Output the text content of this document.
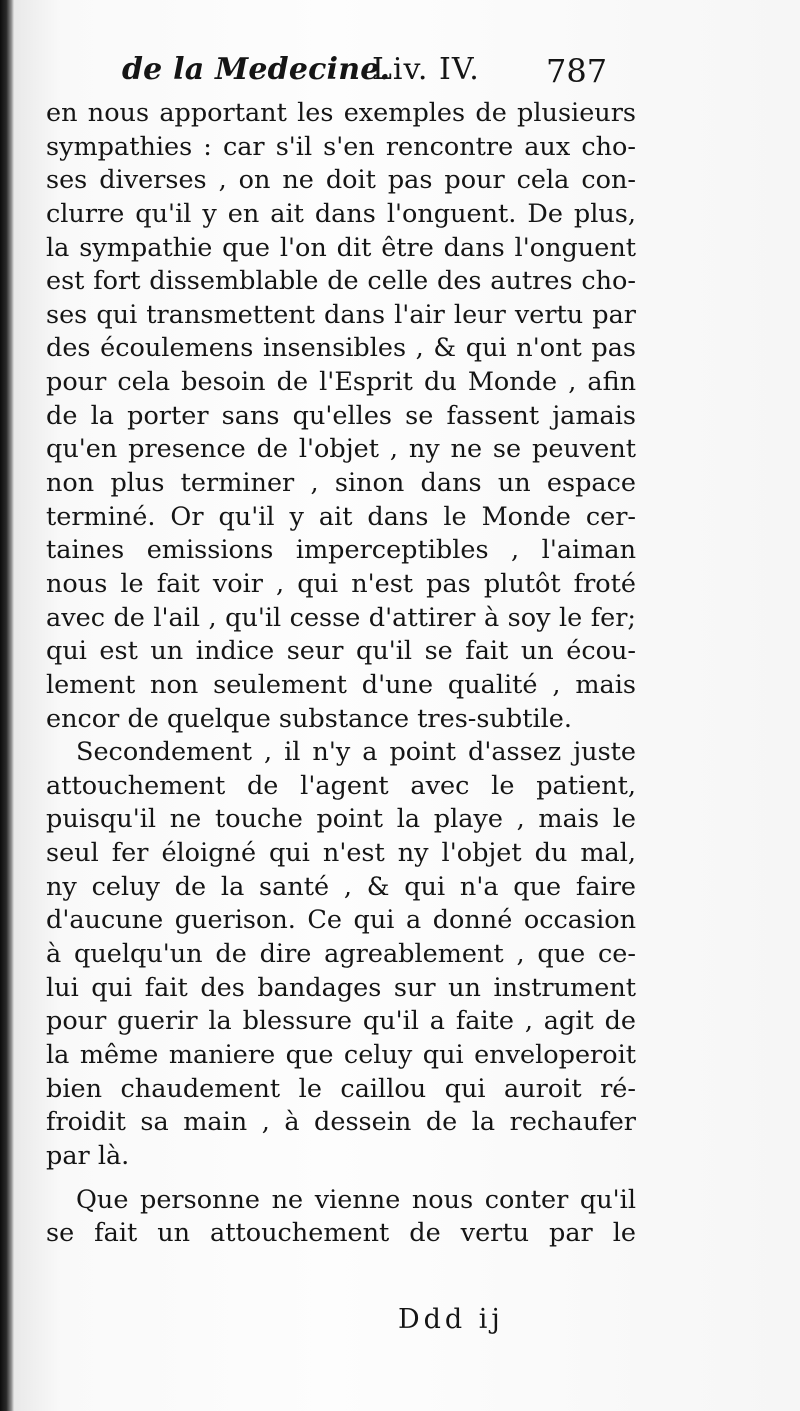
de la Medecine.
Liv. IV. 787
en nous apportant les exemples de plusieurs
sympathies : car s'il s'en rencontre aux cho-
ses diverses , on ne doit pas pour cela con-
clurre qu'il y en ait dans l'onguent. De plus,
la sympathie que l'on dit être dans l'onguent
est fort dissemblable de celle des autres cho-
ses qui transmettent dans l'air leur vertu par
des écoulemens insensibles , & qui n'ont pas
pour cela besoin de l'Esprit du Monde , afin
de la porter sans qu'elles se fassent jamais
qu'en presence de l'objet , ny ne se peuvent
non plus terminer , sinon dans un espace
terminé. Or qu'il y ait dans le Monde cer-
taines emissions imperceptibles , l'aiman
nous le fait voir , qui n'est pas plutôt froté
avec de l'ail , qu'il cesse d'attirer à soy le fer;
qui est un indice seur qu'il se fait un écou-
lement non seulement d'une qualité , mais
encor de quelque substance tres-subtile.
Secondement , il n'y a point d'assez juste
attouchement de l'agent avec le patient,
puisqu'il ne touche point la playe , mais le
seul fer éloigné qui n'est ny l'objet du mal,
ny celuy de la santé , & qui n'a que faire
d'aucune guerison. Ce qui a donné occasion
à quelqu'un de dire agreablement , que ce-
lui qui fait des bandages sur un instrument
pour guerir la blessure qu'il a faite , agit de
la même maniere que celuy qui enveloperoit
bien chaudement le caillou qui auroit ré-
froidit sa main , à dessein de la rechaufer
par là.
Que personne ne vienne nous conter qu'il
se fait un attouchement de vertu par le
Ddd ij
